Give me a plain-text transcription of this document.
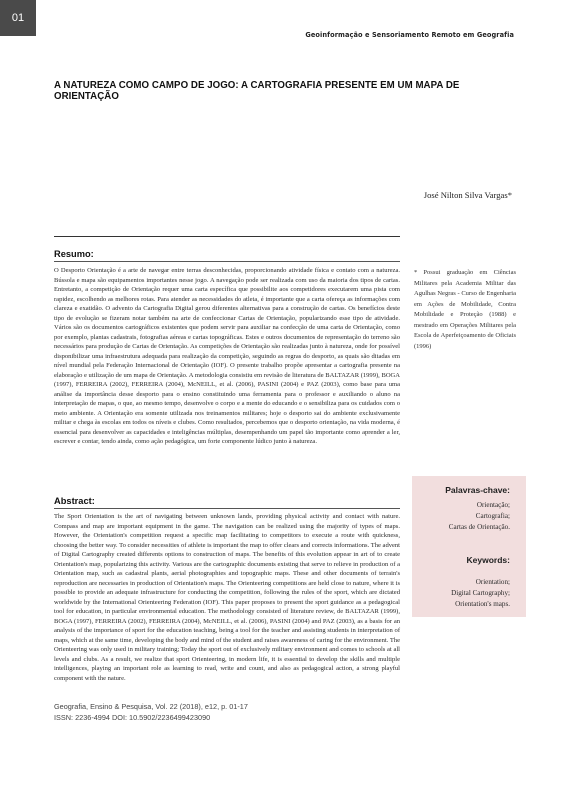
01
Geoinformação e Sensoriamento Remoto em Geografia
A NATUREZA COMO CAMPO DE JOGO: A CARTOGRAFIA PRESENTE EM UM MAPA DE ORIENTAÇÃO
José Nilton Silva Vargas*
Resumo:
O Desporto Orientação é a arte de navegar entre terras desconhecidas, proporcionando atividade física e contato com a natureza. Bússola e mapa são equipamentos importantes nesse jogo. A navegação pode ser realizada com uso da maioria dos tipos de cartas. Entretanto, a competição de Orientação requer uma carta específica que possibilite aos competidores executarem uma pista com rapidez, escolhendo as melhores rotas. Para atender as necessidades do atleta, é importante que a carta ofereça as informações com clareza e exatidão. O advento da Cartografia Digital gerou diferentes alternativas para a construção de cartas. Os benefícios deste tipo de evolução se fizeram notar também na arte de confeccionar Cartas de Orientação, popularizando esse tipo de atividade. Vários são os documentos cartográficos existentes que podem servir para auxiliar na confecção de uma carta de Orientação, como por exemplo, plantas cadastrais, fotografias aéreas e cartas topográficas. Estes e outros documentos de representação do terreno são necessários para produção de Cartas de Orientação. As competições de Orientação são realizadas junto à natureza, onde for possível disponibilizar uma infraestrutura adequada para realização da competição, seguindo as regras do desporto, as quais são ditadas em nível mundial pela Federação Internacional de Orientação (IOF). O presente trabalho propõe apresentar a cartografia presente na elaboração e utilização de um mapa de Orientação. A metodologia consistiu em revisão de literatura de BALTAZAR (1999), BOGA (1997), FERREIRA (2002), FERREIRA (2004), McNEILL, et al. (2006), PASINI (2004) e PAZ (2003), como base para uma análise da importância desse desporto para o ensino constituindo uma ferramenta para o professor e auxiliando o aluno na interpretação de mapas, o que, ao mesmo tempo, desenvolve o corpo e a mente do educando e o sensibiliza para os cuidados com o meio ambiente. A Orientação era somente utilizada nos treinamentos militares; hoje o desporto sai do ambiente exclusivamente militar e chega às escolas em todos os níveis e clubes. Como resultados, percebemos que o desporto orientação, na vida moderna, é essencial para desenvolver as capacidades e inteligências múltiplas, desempenhando um papel tão importante como aprender a ler, escrever e contar, tendo ainda, como ação pedagógica, um forte componente lúdico junto à natureza.
Abstract:
The Sport Orientation is the art of navigating between unknown lands, providing physical activity and contact with nature. Compass and map are important equipment in the game. The navigation can be realized using the majority of types of maps. However, the Orientation's competition request a specific map facilitating to competitors to execute a route with quickness, choosing the better way. To consider necessities of athlete is important the map to offer clears and corrects informations. The advent of Digital Cartography created differents options to construction of maps. The benefits of this evolution appear in art of to create Orientation's map, popularizing this activity. Various are the cartographic documents existing that serve to relieve in production of a Orientation map, such as cadastral plants, aerial photographies and topographic maps. These and other documents of terrain's reproduction are necessaries in production of Orientation's maps. The Orienteering competitions are held close to nature, where it is possible to provide an adequate infrastructure for conducting the competition, following the rules of the sport, which are dictated worldwide by the International Orienteering Federation (IOF). This paper proposes to present the sport guidance as a pedagogical tool for education, in particular environmental education. The methodology consisted of literature review, de BALTAZAR (1999), BOGA (1997), FERREIRA (2002), FERREIRA (2004), McNEILL, et al. (2006), PASINI (2004) and PAZ (2003), as a basis for an analysis of the importance of sport for the education teaching, being a tool for the teacher and assisting students in interpretation of maps, which at the same time, developing the body and mind of the student and raises awareness of caring for the environment. The Orienteering was only used in military training; Today the sport out of exclusively military environment and comes to schools at all levels and clubs. As a result, we realize that sport Orienteering, in modern life, it is essential to develop the skills and multiple intelligences, playing an important role as learning to read, write and count, and also as pedagogical action, a strong playful component with the nature.
* Possui graduação em Ciências Militares pela Academia Militar das Agulhas Negras - Curso de Engenharia em Ações de Mobilidade, Contra Mobilidade e Proteção (1988) e mestrado em Operações Militares pela Escola de Aperfeiçoamento de Oficiais (1996)
Palavras-chave:
Orientação;
Cartografia;
Cartas de Orientação.
Keywords:
Orientation;
Digital Cartography;
Orientation's maps.
Geografia, Ensino & Pesquisa, Vol. 22 (2018), e12, p. 01-17
ISSN: 2236-4994 DOI: 10.5902/2236499423090
